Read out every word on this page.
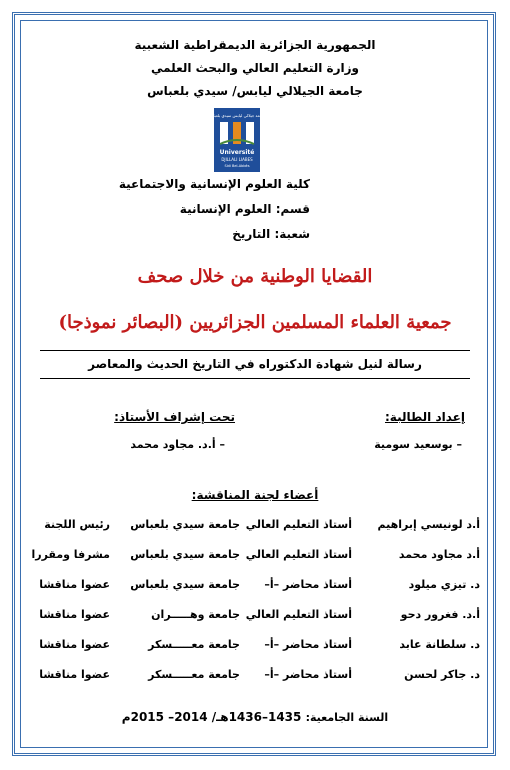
الجمهورية الجزائرية الديمقراطية الشعبية
وزارة التعليم العالي والبحث العلمي
جامعة الجيلالي ليابس/ سيدي بلعباس
جامعة جيلالي ليابس سيدي بلعباس
Université
DJILLALI LIABES
Sidi Bel-Abbès
كلية العلوم الإنسانية والاجتماعية
قسم: العلوم الإنسانية
شعبة: التاريخ
القضايا الوطنية من خلال صحف
جمعية العلماء المسلمين الجزائريين (البصائر نموذجا)
رسالة لنيل شهادة الدكتوراه في التاريخ الحديث والمعاصر
إعداد الطالبة:
– بوسعيد سومية
تحت إشراف الأستاذ:
– أ.د. مجاود محمد
أعضاء لجنة المناقشة:
أ.د لونيسي إبراهيم
أستاذ التعليم العالي
جامعة سيدي بلعباس
رئيس اللجنة
أ.د مجاود محمد
أستاذ التعليم العالي
جامعة سيدي بلعباس
مشرفا ومقررا
د. تيزي ميلود
أستاذ محاضر –أ–
جامعة سيدي بلعباس
عضوا مناقشا
أ.د. فغرور دحو
أستاذ التعليم العالي
جامعة وهـــــران
عضوا مناقشا
د. سلطانة عابد
أستاذ محاضر –أ–
جامعة معـــــسكر
عضوا مناقشا
د. جاكر لحسن
أستاذ محاضر –أ–
جامعة معـــــسكر
عضوا مناقشا
السنة الجامعية: 1435–1436هـ/ 2014– 2015م
